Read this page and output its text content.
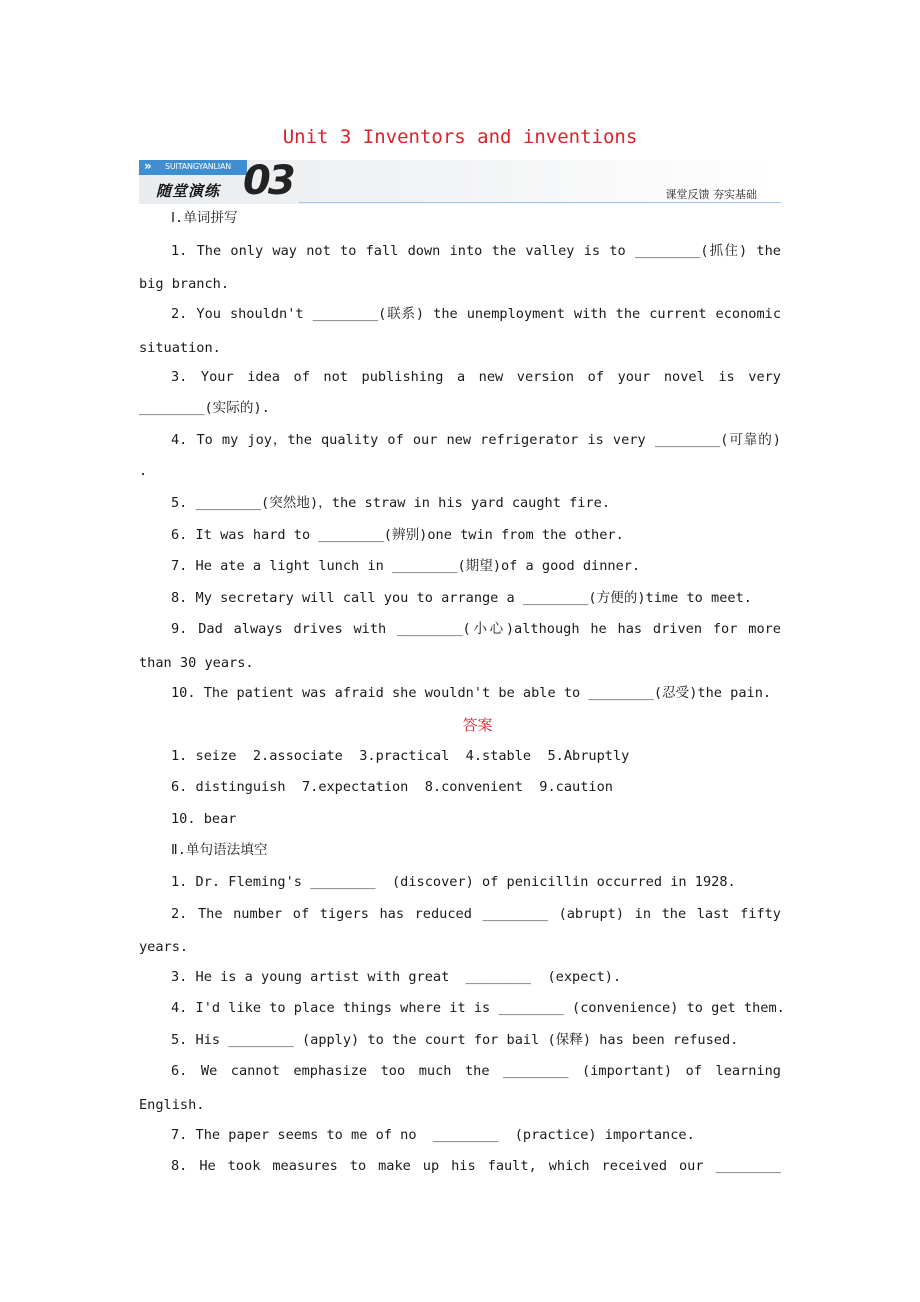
Unit 3 Inventors and inventions
» SUITANGYANLIAN
随堂演练 03	课堂反馈 夯实基础
Ⅰ.单词拼写
1. The only way not to fall down into the valley is to ________(抓住) the
big branch.
2. You shouldn't ________(联系) the unemployment with the current economic
situation.
3. Your idea of not publishing a new version of your novel is very
________(实际的).
4. To my joy，the quality of our new refrigerator is very ________(可靠的)
.
5. ________(突然地)，the straw in his yard caught fire.
6. It was hard to ________(辨别)one twin from the other.
7. He ate a light lunch in ________(期望)of a good dinner.
8. My secretary will call you to arrange a ________(方便的)time to meet.
9. Dad always drives with ________(小心)although he has driven for more
than 30 years.
10. The patient was afraid she wouldn't be able to ________(忍受)the pain.
答案
1. seize  2.associate  3.practical  4.stable  5.Abruptly
6. distinguish  7.expectation  8.convenient  9.caution
10. bear
Ⅱ.单句语法填空
1. Dr. Fleming's ________  (discover) of penicillin occurred in 1928.
2. The number of tigers has reduced ________ (abrupt) in the last fifty
years.
3. He is a young artist with great  ________  (expect).
4. I'd like to place things where it is ________ (convenience) to get them.
5. His ________ (apply) to the court for bail (保释) has been refused.
6. We cannot emphasize too much the ________ (important) of learning
English.
7. The paper seems to me of no  ________  (practice) importance.
8. He took measures to make up his fault, which received our ________
